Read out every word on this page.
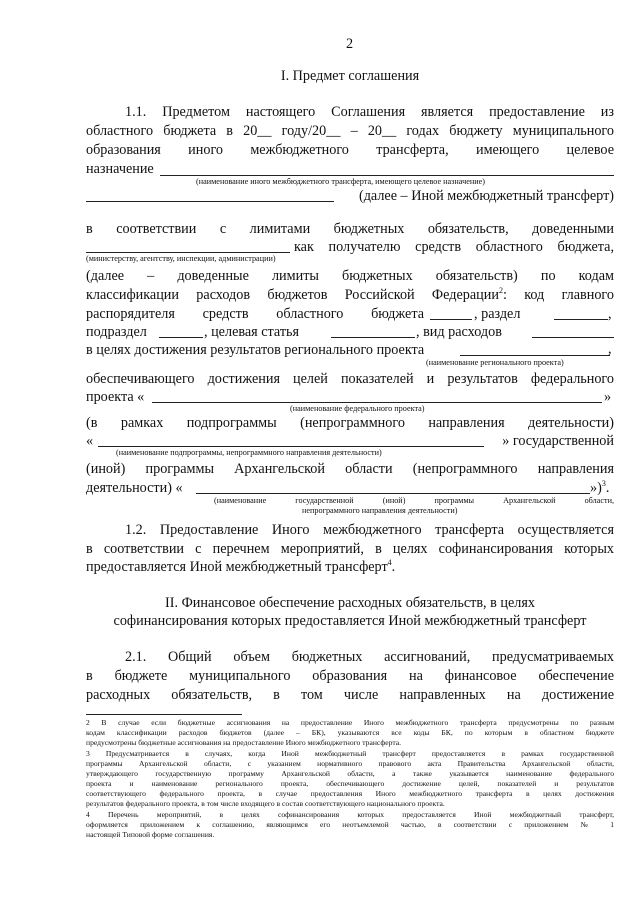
2
I. Предмет соглашения
1.1. Предметом настоящего Соглашения является предоставление из
областного бюджета в 20__ году/20__ – 20__ годах бюджету муниципального
образования иного межбюджетного трансферта, имеющего целевое
назначение
(наименование иного межбюджетного трансферта, имеющего целевое назначение)
(далее – Иной межбюджетный трансферт)
в соответствии с лимитами бюджетных обязательств, доведенными
как получателю средств областного бюджета,
(министерству, агентству, инспекции, администрации)
(далее – доведенные лимиты бюджетных обязательств) по кодам
классификации расходов бюджетов Российской Федерации$^2$: код главного
распорядителя средств областного бюджета	, раздел	,
подраздел	, целевая статья	, вид расходов
в целях достижения результатов регионального проекта	,
(наименование регионального проекта)
обеспечивающего достижения целей показателей и результатов федерального
проекта «	»
(наименование федерального проекта)
(в рамках подпрограммы (непрограммного направления деятельности)
«	» государственной
(наименование подпрограммы, непрограммного направления деятельности)
(иной) программы Архангельской области (непрограммного направления
деятельности) «	»)$^3$.
(наименование государственной (иной) программы Архангельской области,
непрограммного направления деятельности)
1.2. Предоставление Иного межбюджетного трансферта осуществляется
в соответствии с перечнем мероприятий, в целях софинансирования которых
предоставляется Иной межбюджетный трансферт$^4$.
II. Финансовое обеспечение расходных обязательств, в целях
софинансирования которых предоставляется Иной межбюджетный трансферт
2.1. Общий объем бюджетных ассигнований, предусматриваемых
в бюджете муниципального образования на финансовое обеспечение
расходных обязательств, в том числе направленных на достижение
2 В случае если бюджетные ассигнования на предоставление Иного межбюджетного трансферта предусмотрены по разным
кодам классификации расходов бюджетов (далее – БК), указываются все коды БК, по которым в областном бюджете
предусмотрены бюджетные ассигнования на предоставление Иного межбюджетного трансферта.
3 Предусматривается в случаях, когда Иной межбюджетный трансферт предоставляется в рамках государственной
программы Архангельской области, с указанием нормативного правового акта Правительства Архангельской области,
утверждающего государственную программу Архангельской области, а также указывается наименование федерального
проекта и наименование регионального проекта, обеспечивающего достижение целей, показателей и результатов
соответствующего федерального проекта, в случае предоставления Иного межбюджетного трансферта в целях достижения
результатов федерального проекта, в том числе входящего в состав соответствующего национального проекта.
4 Перечень мероприятий, в целях софинансирования которых предоставляется Иной межбюджетный трансферт,
оформляется приложением к соглашению, являющимся его неотъемлемой частью, в соответствии с приложением № 1
настоящей Типовой форме соглашения.
